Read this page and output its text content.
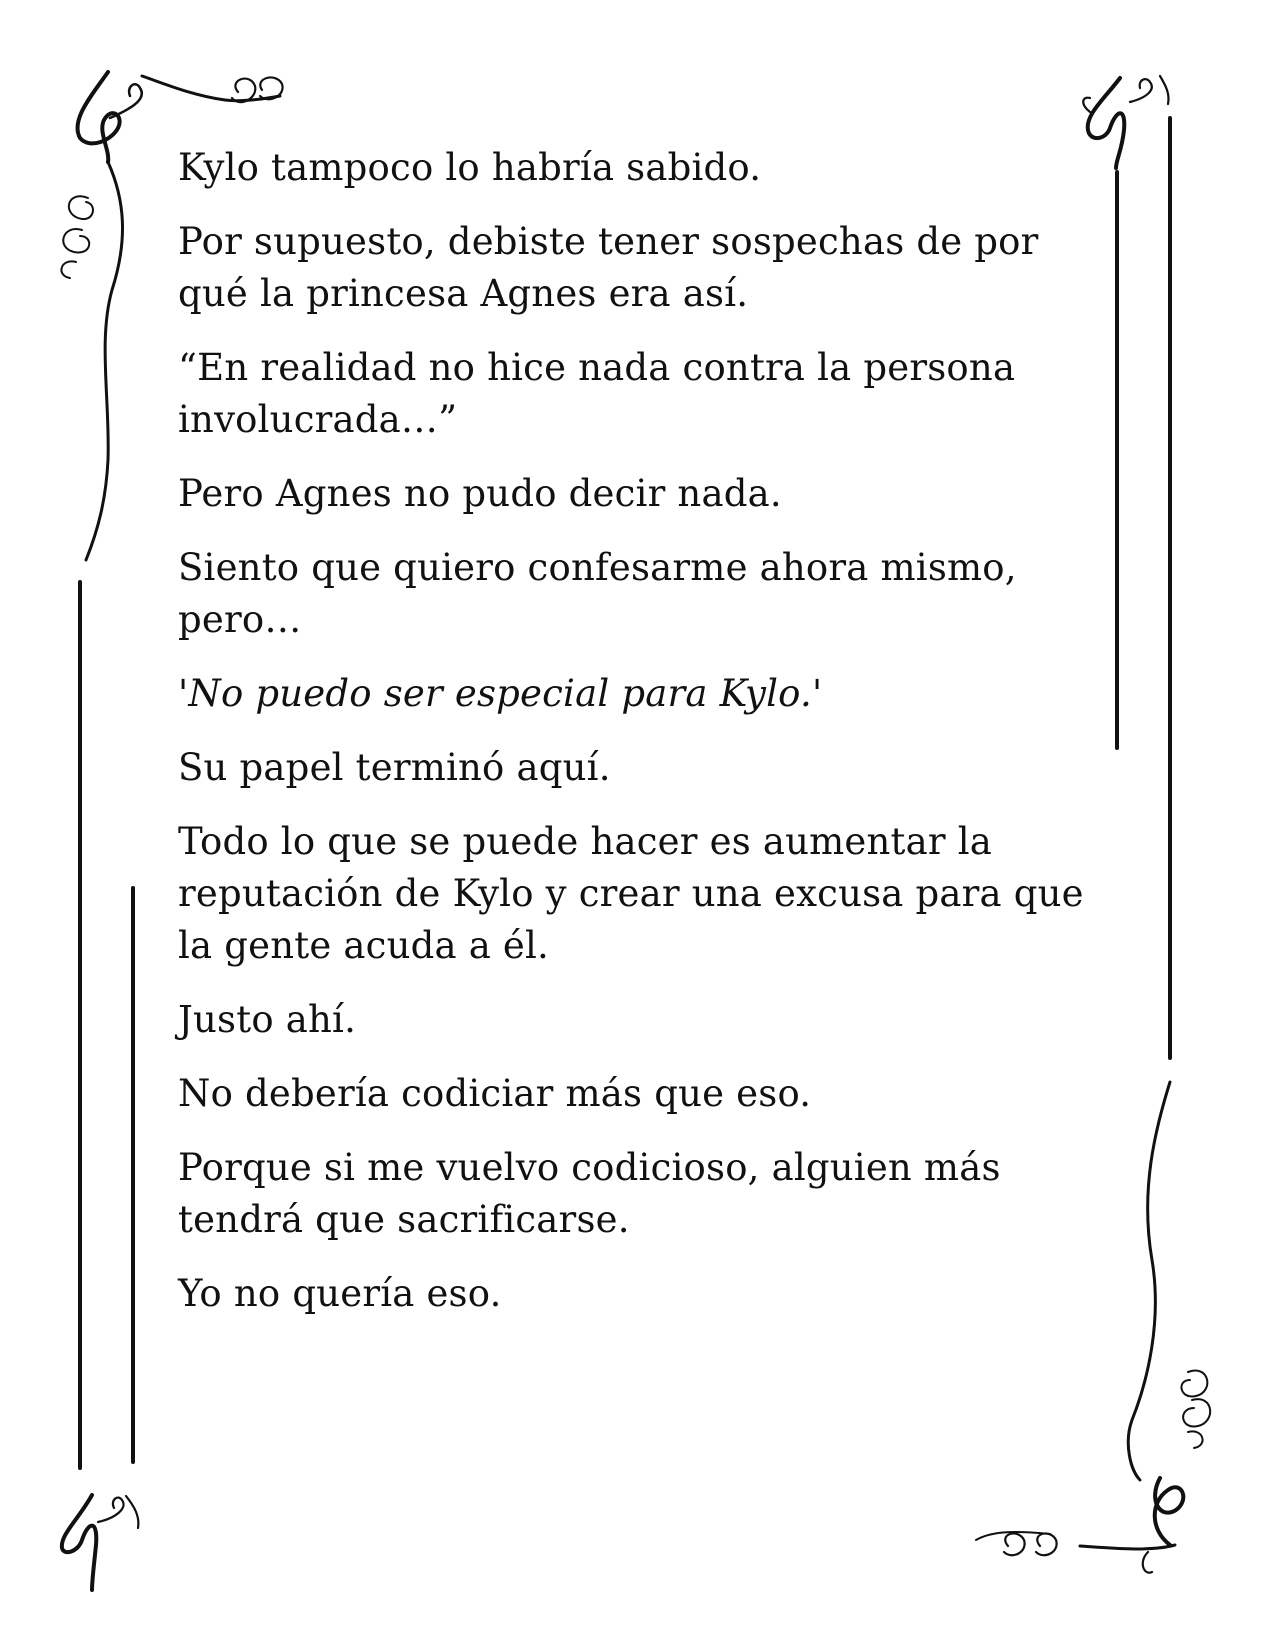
Kylo tampoco lo habría sabido.

Por supuesto, debiste tener sospechas de por
qué la princesa Agnes era así.

“En realidad no hice nada contra la persona
involucrada…”

Pero Agnes no pudo decir nada.

Siento que quiero confesarme ahora mismo,
pero…

'No puedo ser especial para Kylo.'

Su papel terminó aquí.

Todo lo que se puede hacer es aumentar la
reputación de Kylo y crear una excusa para que
la gente acuda a él.

Justo ahí.

No debería codiciar más que eso.

Porque si me vuelvo codicioso, alguien más
tendrá que sacrificarse.

Yo no quería eso.
